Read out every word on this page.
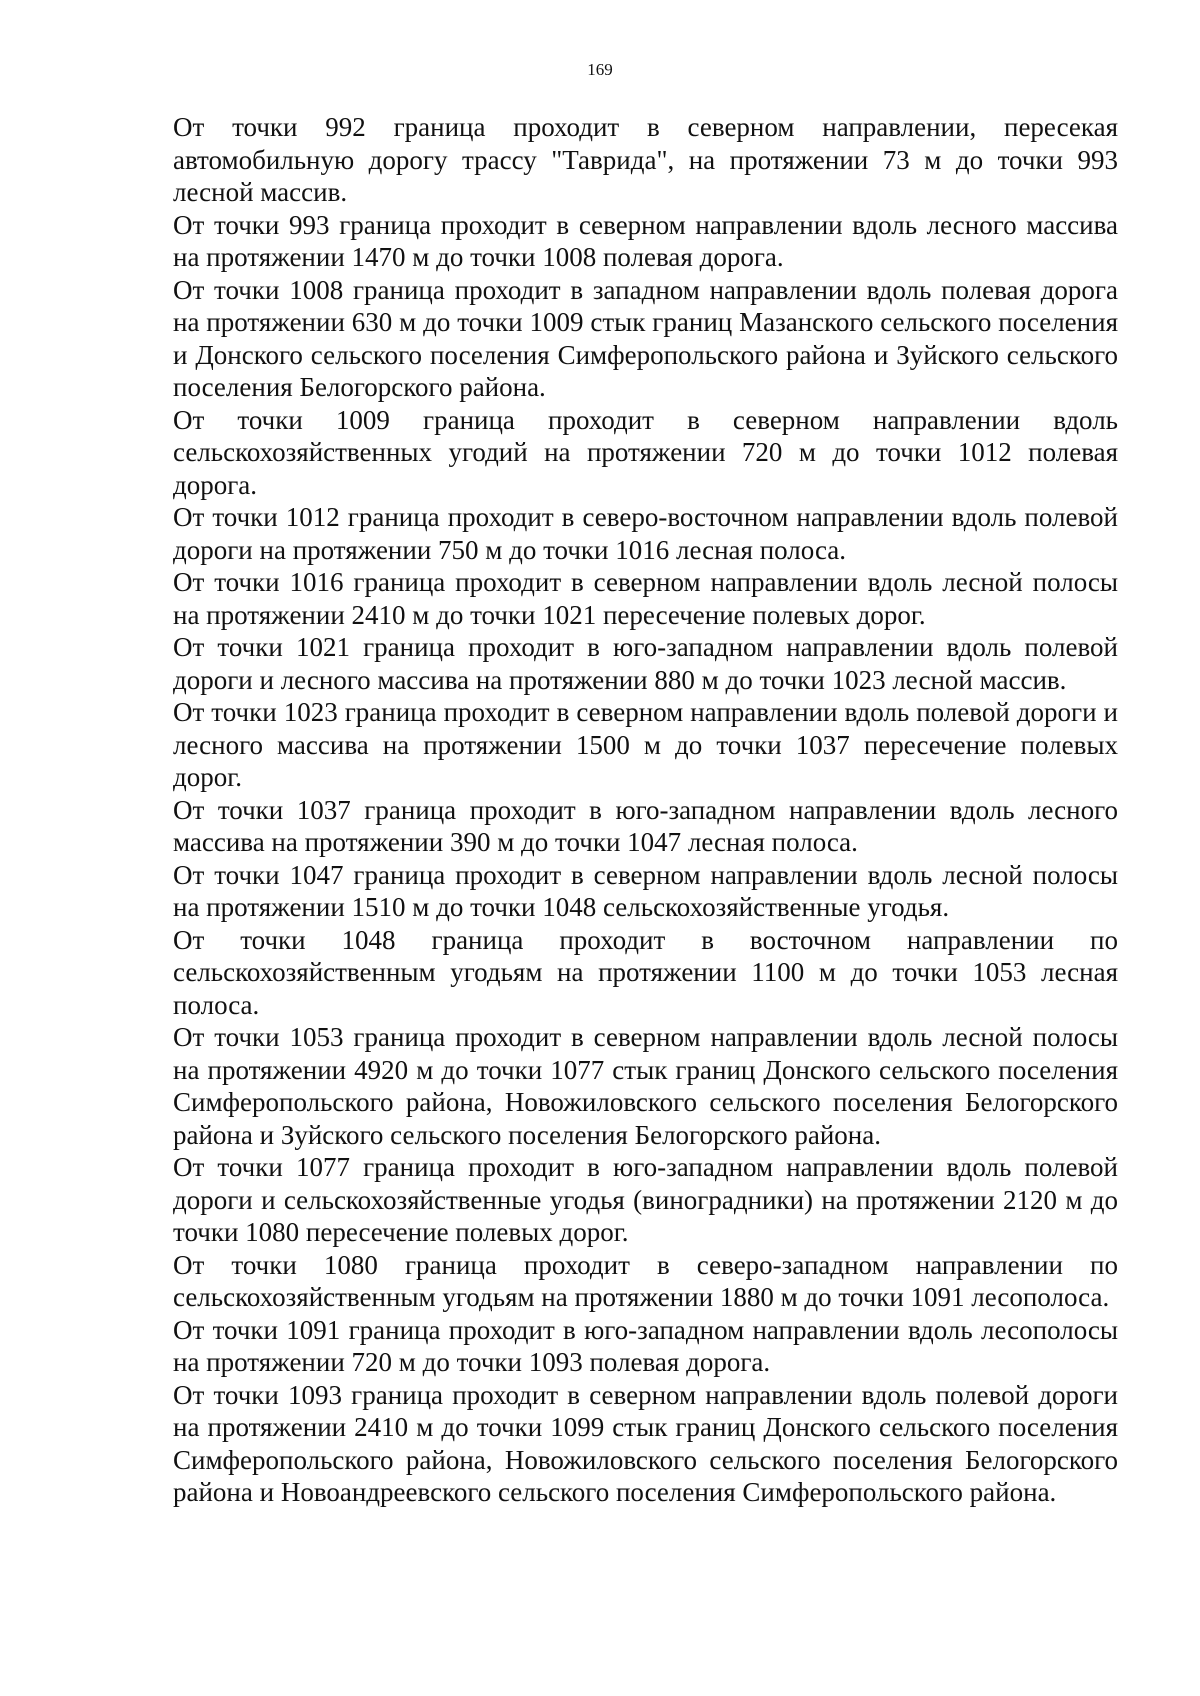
169

От точки 992 граница проходит в северном направлении, пересекая автомобильную дорогу трассу "Таврида", на протяжении 73 м до точки 993 лесной массив.

От точки 993 граница проходит в северном направлении вдоль лесного массива на протяжении 1470 м до точки 1008 полевая дорога.

От точки 1008 граница проходит в западном направлении вдоль полевая дорога на протяжении 630 м до точки 1009 стык границ Мазанского сельского поселения и Донского сельского поселения Симферопольского района и Зуйского сельского поселения Белогорского района.

От точки 1009 граница проходит в северном направлении вдоль сельскохозяйственных угодий на протяжении 720 м до точки 1012 полевая дорога.

От точки 1012 граница проходит в северо-восточном направлении вдоль полевой дороги на протяжении 750 м до точки 1016 лесная полоса.

От точки 1016 граница проходит в северном направлении вдоль лесной полосы на протяжении 2410 м до точки 1021 пересечение полевых дорог.

От точки 1021 граница проходит в юго-западном направлении вдоль полевой дороги и лесного массива на протяжении 880 м до точки 1023 лесной массив.

От точки 1023 граница проходит в северном направлении вдоль полевой дороги и лесного массива на протяжении 1500 м до точки 1037 пересечение полевых дорог.

От точки 1037 граница проходит в юго-западном направлении вдоль лесного массива на протяжении 390 м до точки 1047 лесная полоса.

От точки 1047 граница проходит в северном направлении вдоль лесной полосы на протяжении 1510 м до точки 1048 сельскохозяйственные угодья.

От точки 1048 граница проходит в восточном направлении по сельскохозяйственным угодьям на протяжении 1100 м до точки 1053 лесная полоса.

От точки 1053 граница проходит в северном направлении вдоль лесной полосы на протяжении 4920 м до точки 1077 стык границ Донского сельского поселения Симферопольского района, Новожиловского сельского поселения Белогорского района и Зуйского сельского поселения Белогорского района.

От точки 1077 граница проходит в юго-западном направлении вдоль полевой дороги и сельскохозяйственные угодья (виноградники) на протяжении 2120 м до точки 1080 пересечение полевых дорог.

От точки 1080 граница проходит в северо-западном направлении по сельскохозяйственным угодьям на протяжении 1880 м до точки 1091 лесополоса.

От точки 1091 граница проходит в юго-западном направлении вдоль лесополосы на протяжении 720 м до точки 1093 полевая дорога.

От точки 1093 граница проходит в северном направлении вдоль полевой дороги на протяжении 2410 м до точки 1099 стык границ Донского сельского поселения Симферопольского района, Новожиловского сельского поселения Белогорского района и Новоандреевского сельского поселения Симферопольского района.
